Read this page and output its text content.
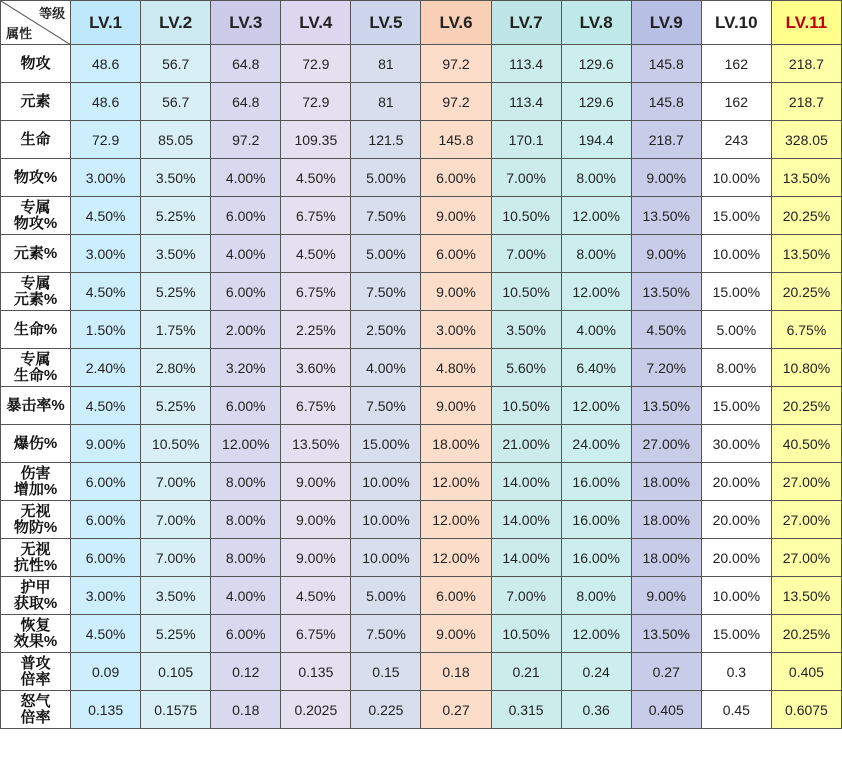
等级
属性	LV.1	LV.2	LV.3	LV.4	LV.5	LV.6	LV.7	LV.8	LV.9	LV.10	LV.11

物攻	48.6	56.7	64.8	72.9	81	97.2	113.4	129.6	145.8	162	218.7

元素	48.6	56.7	64.8	72.9	81	97.2	113.4	129.6	145.8	162	218.7

生命	72.9	85.05	97.2	109.35	121.5	145.8	170.1	194.4	218.7	243	328.05

物攻%	3.00%	3.50%	4.00%	4.50%	5.00%	6.00%	7.00%	8.00%	9.00%	10.00%	13.50%

专属
物攻%	4.50%	5.25%	6.00%	6.75%	7.50%	9.00%	10.50%	12.00%	13.50%	15.00%	20.25%

元素%	3.00%	3.50%	4.00%	4.50%	5.00%	6.00%	7.00%	8.00%	9.00%	10.00%	13.50%

专属
元素%	4.50%	5.25%	6.00%	6.75%	7.50%	9.00%	10.50%	12.00%	13.50%	15.00%	20.25%

生命%	1.50%	1.75%	2.00%	2.25%	2.50%	3.00%	3.50%	4.00%	4.50%	5.00%	6.75%

专属
生命%	2.40%	2.80%	3.20%	3.60%	4.00%	4.80%	5.60%	6.40%	7.20%	8.00%	10.80%

暴击率%	4.50%	5.25%	6.00%	6.75%	7.50%	9.00%	10.50%	12.00%	13.50%	15.00%	20.25%

爆伤%	9.00%	10.50%	12.00%	13.50%	15.00%	18.00%	21.00%	24.00%	27.00%	30.00%	40.50%

伤害
增加%	6.00%	7.00%	8.00%	9.00%	10.00%	12.00%	14.00%	16.00%	18.00%	20.00%	27.00%

无视
物防%	6.00%	7.00%	8.00%	9.00%	10.00%	12.00%	14.00%	16.00%	18.00%	20.00%	27.00%

无视
抗性%	6.00%	7.00%	8.00%	9.00%	10.00%	12.00%	14.00%	16.00%	18.00%	20.00%	27.00%

护甲
获取%	3.00%	3.50%	4.00%	4.50%	5.00%	6.00%	7.00%	8.00%	9.00%	10.00%	13.50%

恢复
效果%	4.50%	5.25%	6.00%	6.75%	7.50%	9.00%	10.50%	12.00%	13.50%	15.00%	20.25%

普攻
倍率	0.09	0.105	0.12	0.135	0.15	0.18	0.21	0.24	0.27	0.3	0.405

怒气
倍率	0.135	0.1575	0.18	0.2025	0.225	0.27	0.315	0.36	0.405	0.45	0.6075
